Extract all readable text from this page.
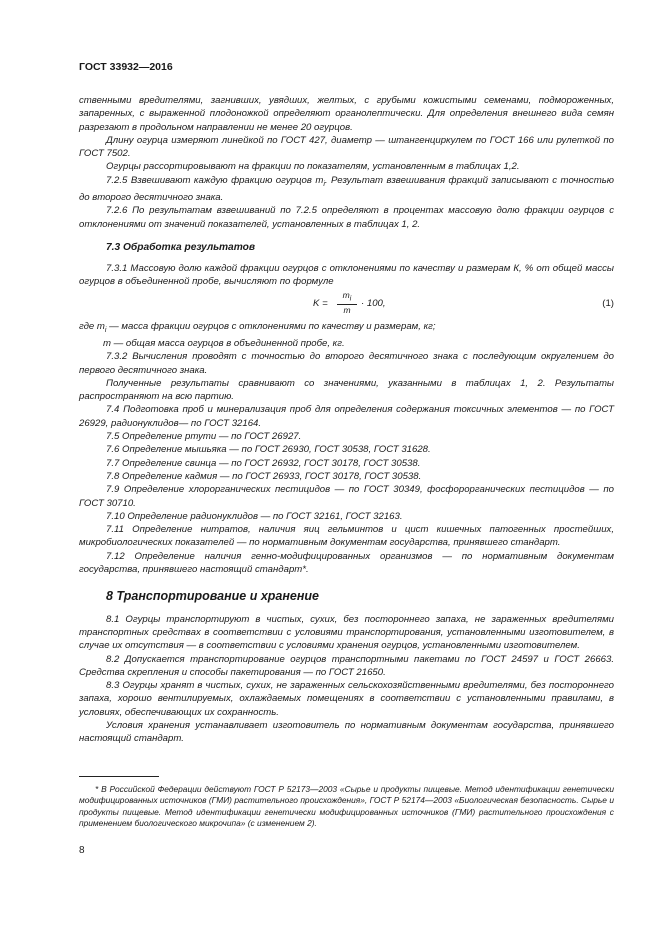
ГОСТ 33932—2016

ственными вредителями, загнивших, увядших, желтых, с грубыми кожистыми семенами, подмороженных, запаренных, с выраженной плодоножкой определяют органолептически. Для определения внешнего вида семян разрезают в продольном направлении не менее 20 огурцов.

Длину огурца измеряют линейкой по ГОСТ 427, диаметр — штангенциркулем по ГОСТ 166 или рулеткой по ГОСТ 7502.

Огурцы рассортировывают на фракции по показателям, установленным в таблицах 1,2.

7.2.5 Взвешивают каждую фракцию огурцов $m_i$. Результат взвешивания фракций записывают с точностью до второго десятичного знака.

7.2.6 По результатам взвешиваний по 7.2.5 определяют в процентах массовую долю фракции огурцов с отклонениями от значений показателей, установленных в таблицах 1, 2.

7.3 Обработка результатов

7.3.1 Массовую долю каждой фракции огурцов с отклонениями по качеству и размерам К, % от общей массы огурцов в объединенной пробе, вычисляют по формуле

$K = \frac{m_i}{m} \cdot 100$,	(1)

где $m_i$ — масса фракции огурцов с отклонениями по качеству и размерам, кг;

m — общая масса огурцов в объединенной пробе, кг.

7.3.2 Вычисления проводят с точностью до второго десятичного знака с последующим округлением до первого десятичного знака.

Полученные результаты сравнивают со значениями, указанными в таблицах 1, 2. Результаты распространяют на всю партию.

7.4 Подготовка проб и минерализация проб для определения содержания токсичных элементов — по ГОСТ 26929, радионуклидов— по ГОСТ 32164.

7.5 Определение ртути — по ГОСТ 26927.

7.6 Определение мышьяка — по ГОСТ 26930, ГОСТ 30538, ГОСТ 31628.

7.7 Определение свинца — по ГОСТ 26932, ГОСТ 30178, ГОСТ 30538.

7.8 Определение кадмия — по ГОСТ 26933, ГОСТ 30178, ГОСТ 30538.

7.9 Определение хлорорганических пестицидов — по ГОСТ 30349, фосфорорганических пестицидов — по ГОСТ 30710.

7.10 Определение радионуклидов — по ГОСТ 32161, ГОСТ 32163.

7.11 Определение нитратов, наличия яиц гельминтов и цист кишечных патогенных простейших, микробиологических показателей — по нормативным документам государства, принявшего стандарт.

7.12 Определение наличия генно-модифицированных организмов — по нормативным документам государства, принявшего настоящий стандарт*.

8 Транспортирование и хранение

8.1 Огурцы транспортируют в чистых, сухих, без постороннего запаха, не зараженных вредителями транспортных средствах в соответствии с условиями транспортирования, установленными изготовителем, в случае их отсутствия — в соответствии с условиями хранения огурцов, установленными изготовителем.

8.2 Допускается транспортирование огурцов транспортными пакетами по ГОСТ 24597 и ГОСТ 26663. Средства скрепления и способы пакетирования — по ГОСТ 21650.

8.3 Огурцы хранят в чистых, сухих, не зараженных сельскохозяйственными вредителями, без постороннего запаха, хорошо вентилируемых, охлаждаемых помещениях в соответствии с установленными правилами, в условиях, обеспечивающих их сохранность.

Условия хранения устанавливает изготовитель по нормативным документам государства, принявшего настоящий стандарт.

* В Российской Федерации действуют ГОСТ Р 52173—2003 «Сырье и продукты пищевые. Метод идентификации генетически модифицированных источников (ГМИ) растительного происхождения», ГОСТ Р 52174—2003 «Биологическая безопасность. Сырье и продукты пищевые. Метод идентификации генетически модифицированных источников (ГМИ) растительного происхождения с применением биологического микрочипа» (с изменением 2).
8
